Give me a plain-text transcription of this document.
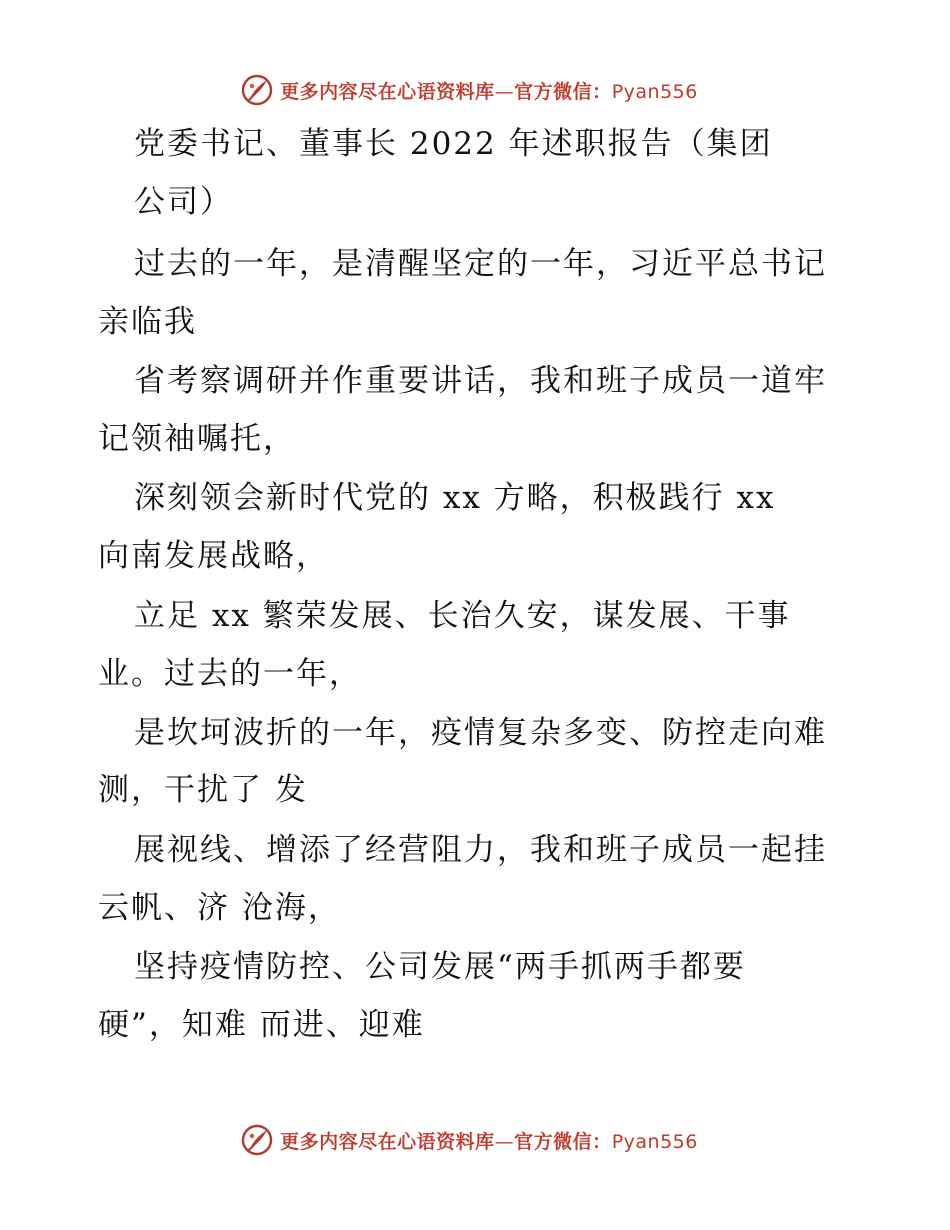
更多内容尽在心语资料库—官方微信：Pyan556
党委书记、董事长 2022 年述职报告（集团
公司）
过去的一年，是清醒坚定的一年，习近平总书记
亲临我
省考察调研并作重要讲话，我和班子成员一道牢
记领袖嘱托，
深刻领会新时代党的 xx 方略，积极践行 xx
向南发展战略，
立足 xx 繁荣发展、长治久安，谋发展、干事
业。过去的一年，
是坎坷波折的一年，疫情复杂多变、防控走向难
测，干扰了 发
展视线、增添了经营阻力，我和班子成员一起挂
云帆、济 沧海，
坚持疫情防控、公司发展“两手抓两手都要
硬”，知难 而进、迎难
更多内容尽在心语资料库—官方微信：Pyan556
